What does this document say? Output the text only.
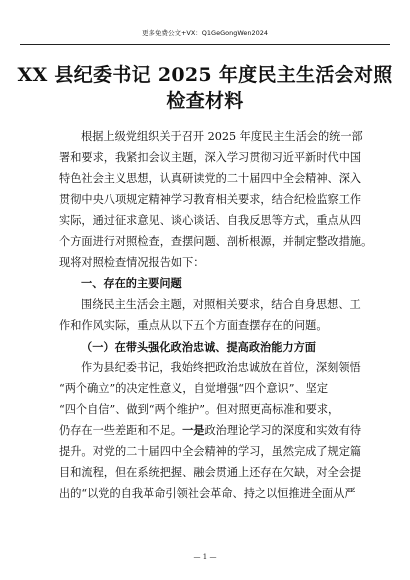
更多免费公文+VX：Q1GeGongWen2024
XX 县纪委书记 2025 年度民主生活会对照
检查材料
根据上级党组织关于召开 2025 年度民主生活会的统一部
署和要求，我紧扣会议主题，深入学习贯彻习近平新时代中国
特色社会主义思想，认真研读党的二十届四中全会精神、深入
贯彻中央八项规定精神学习教育相关要求，结合纪检监察工作
实际，通过征求意见、谈心谈话、自我反思等方式，重点从四
个方面进行对照检查，查摆问题、剖析根源，并制定整改措施。
现将对照检查情况报告如下：
一、存在的主要问题
围绕民主生活会主题，对照相关要求，结合自身思想、工
作和作风实际，重点从以下五个方面查摆存在的问题。
（一）在带头强化政治忠诚、提高政治能力方面
作为县纪委书记，我始终把政治忠诚放在首位，深刻领悟
“两个确立”的决定性意义，自觉增强“四个意识”、坚定
“四个自信”、做到“两个维护”。但对照更高标准和要求，
仍存在一些差距和不足。一是政治理论学习的深度和实效有待
提升。对党的二十届四中全会精神的学习，虽然完成了规定篇
目和流程，但在系统把握、融会贯通上还存在欠缺，对全会提
出的“以党的自我革命引领社会革命、持之以恒推进全面从严
— 1 —
